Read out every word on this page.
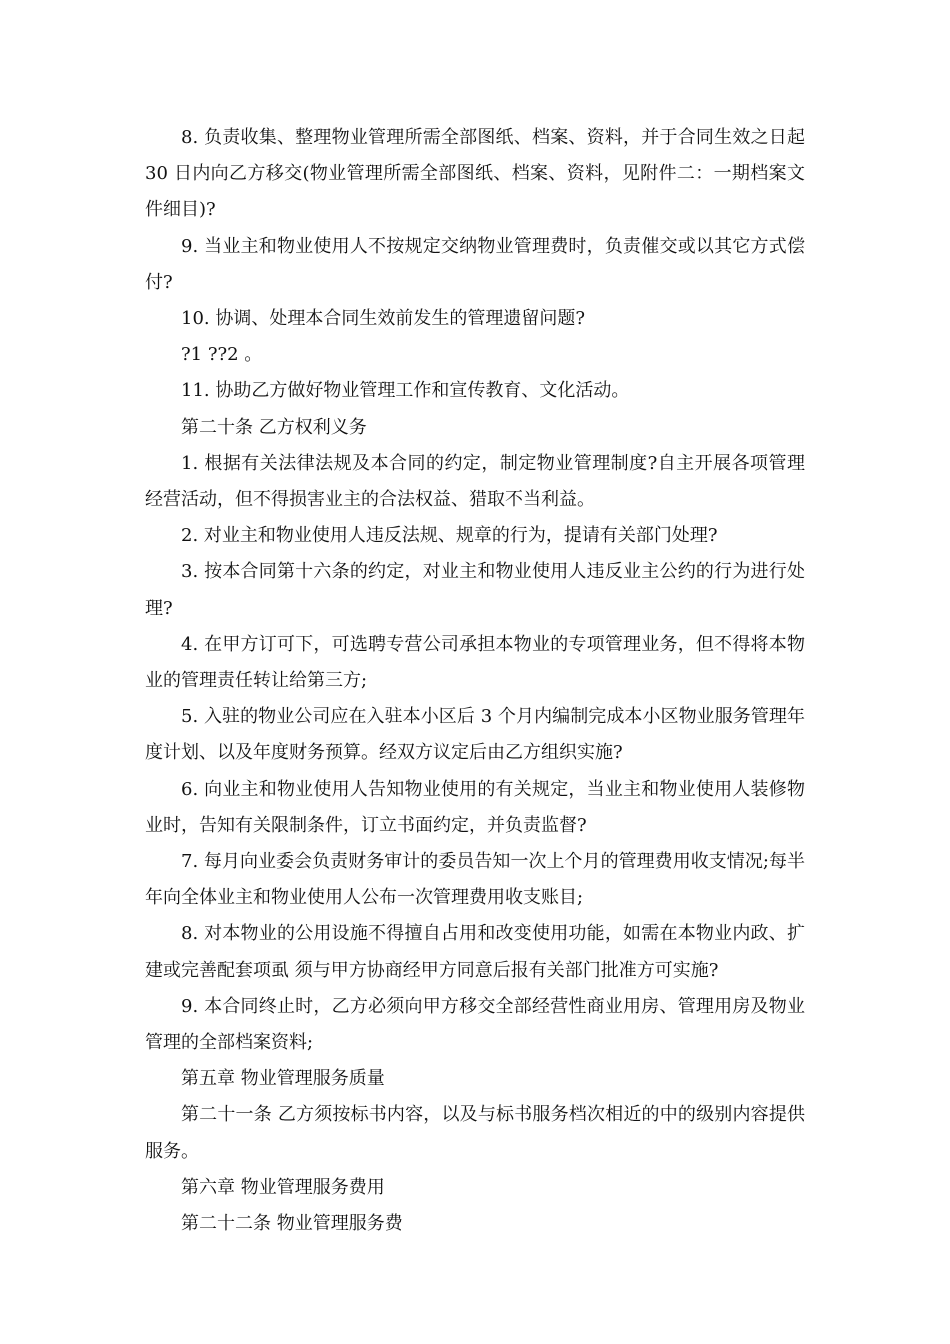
8. 负责收集、整理物业管理所需全部图纸、档案、资料，并于合同生效之日起 30 日内向乙方移交(物业管理所需全部图纸、档案、资料，见附件二：一期档案文件细目)?

9. 当业主和物业使用人不按规定交纳物业管理费时，负责催交或以其它方式偿付?

10. 协调、处理本合同生效前发生的管理遗留问题?

?1 ??2 。

11. 协助乙方做好物业管理工作和宣传教育、文化活动。

第二十条 乙方权利义务

1. 根据有关法律法规及本合同的约定，制定物业管理制度?自主开展各项管理经营活动，但不得损害业主的合法权益、猎取不当利益。

2. 对业主和物业使用人违反法规、规章的行为，提请有关部门处理?

3. 按本合同第十六条的约定，对业主和物业使用人违反业主公约的行为进行处理?

4. 在甲方订可下，可选聘专营公司承担本物业的专项管理业务，但不得将本物业的管理责任转让给第三方;

5. 入驻的物业公司应在入驻本小区后 3 个月内编制完成本小区物业服务管理年度计划、以及年度财务预算。经双方议定后由乙方组织实施?

6. 向业主和物业使用人告知物业使用的有关规定，当业主和物业使用人装修物业时，告知有关限制条件，订立书面约定，并负责监督?

7. 每月向业委会负责财务审计的委员告知一次上个月的管理费用收支情况;每半年向全体业主和物业使用人公布一次管理费用收支账目;

8. 对本物业的公用设施不得擅自占用和改变使用功能，如需在本物业内政、扩建或完善配套项虱 须与甲方协商经甲方同意后报有关部门批准方可实施?

9. 本合同终止时，乙方必须向甲方移交全部经营性商业用房、管理用房及物业管理的全部档案资料;

第五章 物业管理服务质量

第二十一条 乙方须按标书内容，以及与标书服务档次相近的中的级别内容提供服务。

第六章 物业管理服务费用

第二十二条 物业管理服务费
